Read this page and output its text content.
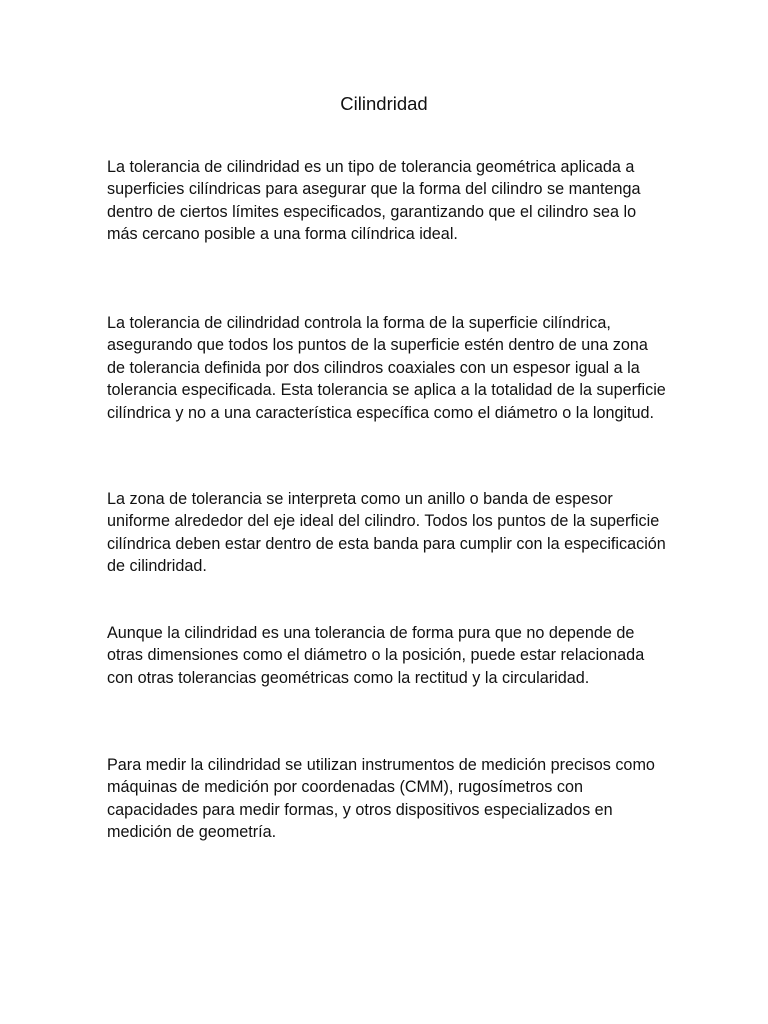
Cilindridad

La tolerancia de cilindridad es un tipo de tolerancia geométrica aplicada a superficies cilíndricas para asegurar que la forma del cilindro se mantenga dentro de ciertos límites especificados, garantizando que el cilindro sea lo más cercano posible a una forma cilíndrica ideal.

La tolerancia de cilindridad controla la forma de la superficie cilíndrica, asegurando que todos los puntos de la superficie estén dentro de una zona de tolerancia definida por dos cilindros coaxiales con un espesor igual a la tolerancia especificada. Esta tolerancia se aplica a la totalidad de la superficie cilíndrica y no a una característica específica como el diámetro o la longitud.

La zona de tolerancia se interpreta como un anillo o banda de espesor uniforme alrededor del eje ideal del cilindro. Todos los puntos de la superficie cilíndrica deben estar dentro de esta banda para cumplir con la especificación de cilindridad.

Aunque la cilindridad es una tolerancia de forma pura que no depende de otras dimensiones como el diámetro o la posición, puede estar relacionada con otras tolerancias geométricas como la rectitud y la circularidad.

Para medir la cilindridad se utilizan instrumentos de medición precisos como máquinas de medición por coordenadas (CMM), rugosímetros con capacidades para medir formas, y otros dispositivos especializados en medición de geometría.
